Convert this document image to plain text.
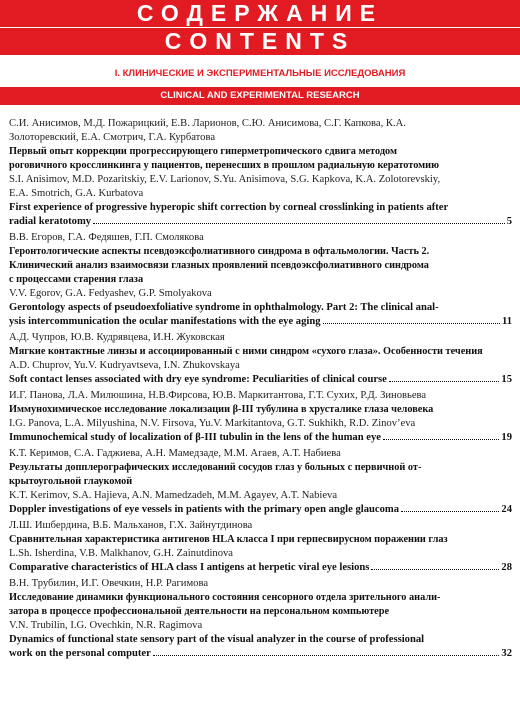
СОДЕРЖАНИЕ
CONTENTS
I. КЛИНИЧЕСКИЕ И ЭКСПЕРИМЕНТАЛЬНЫЕ ИССЛЕДОВАНИЯ
CLINICAL AND EXPERIMENTAL RESEARCH
С.И. Анисимов, М.Д. Пожарицкий, Е.В. Ларионов, С.Ю. Анисимова, С.Г. Капкова, К.А.
Золоторевский, Е.А. Смотрич, Г.А. Курбатова
Первый опыт коррекции прогрессирующего гиперметропического сдвига методом
роговичного кросслинкинга у пациентов, перенесших в прошлом радиальную кератотомию
S.I. Anisimov, M.D. Pozaritskiy, E.V. Larionov, S.Yu. Anisimova, S.G. Kapkova, K.A. Zolotorevskiy,
E.A. Smotrich, G.A. Kurbatova
First experience of progressive hyperopic shift correction by corneal crosslinking in patients after
radial keratotomy	5
В.В. Егоров, Г.А. Федяшев, Г.П. Смолякова
Геронтологические аспекты псевдоэксфолиативного синдрома в офтальмологии. Часть 2.
Клинический анализ взаимосвязи глазных проявлений псевдоэксфолиативного синдрома
с процессами старения глаза
V.V. Egorov, G.A. Fedyashev, G.P. Smolyakova
Gerontology aspects of pseudoexfoliative syndrome in ophthalmology. Part 2: The clinical anal-
ysis intercommunication the ocular manifestations with the eye aging	11
А.Д. Чупров, Ю.В. Кудрявцева, И.Н. Жуковская
Мягкие контактные линзы и ассоциированный с ними синдром «сухого глаза». Особенности течения
A.D. Chuprov, Yu.V. Kudryavtseva, I.N. Zhukovskaya
Soft contact lenses associated with dry eye syndrome: Peculiarities of clinical course	15
И.Г. Панова, Л.А. Милюшина, Н.В.Фирсова, Ю.В. Маркитантова, Г.Т. Сухих, Р.Д. Зиновьева
Иммунохимическое исследование локализации β-III тубулина в хрусталике глаза человека
I.G. Panova, L.A. Milyushina, N.V. Firsova, Yu.V. Markitantova, G.T. Sukhikh, R.D. Zinov’eva
Immunochemical study of localization of β-III tubulin in the lens of the human eye	19
К.Т. Керимов, С.А. Гаджиева, А.Н. Мамедзаде, М.М. Агаев, А.Т. Набиева
Результаты допплерографических исследований сосудов глаз у больных с первичной от-
крытоугольной глаукомой
K.T. Kerimov, S.A. Hajieva, A.N. Mamedzadeh, M.M. Agayev, A.T. Nabieva
Doppler investigations of eye vessels in patients with the primary open angle glaucoma	24
Л.Ш. Ишбердина, В.Б. Мальханов, Г.Х. Зайнутдинова
Сравнительная характеристика антигенов HLA класса I при герпесвирусном поражении глаз
L.Sh. Isherdina, V.B. Malkhanov, G.H. Zainutdinova
Comparative characteristics of HLA class I antigens at herpetic viral eye lesions	28
В.Н. Трубилин, И.Г. Овечкин, Н.Р. Рагимова
Исследование динамики функционального состояния сенсорного отдела зрительного анали-
затора в процессе профессиональной деятельности на персональном компьютере
V.N. Trubilin, I.G. Ovechkin, N.R. Ragimova
Dynamics of functional state sensory part of the visual analyzer in the course of professional
work on the personal computer	32
